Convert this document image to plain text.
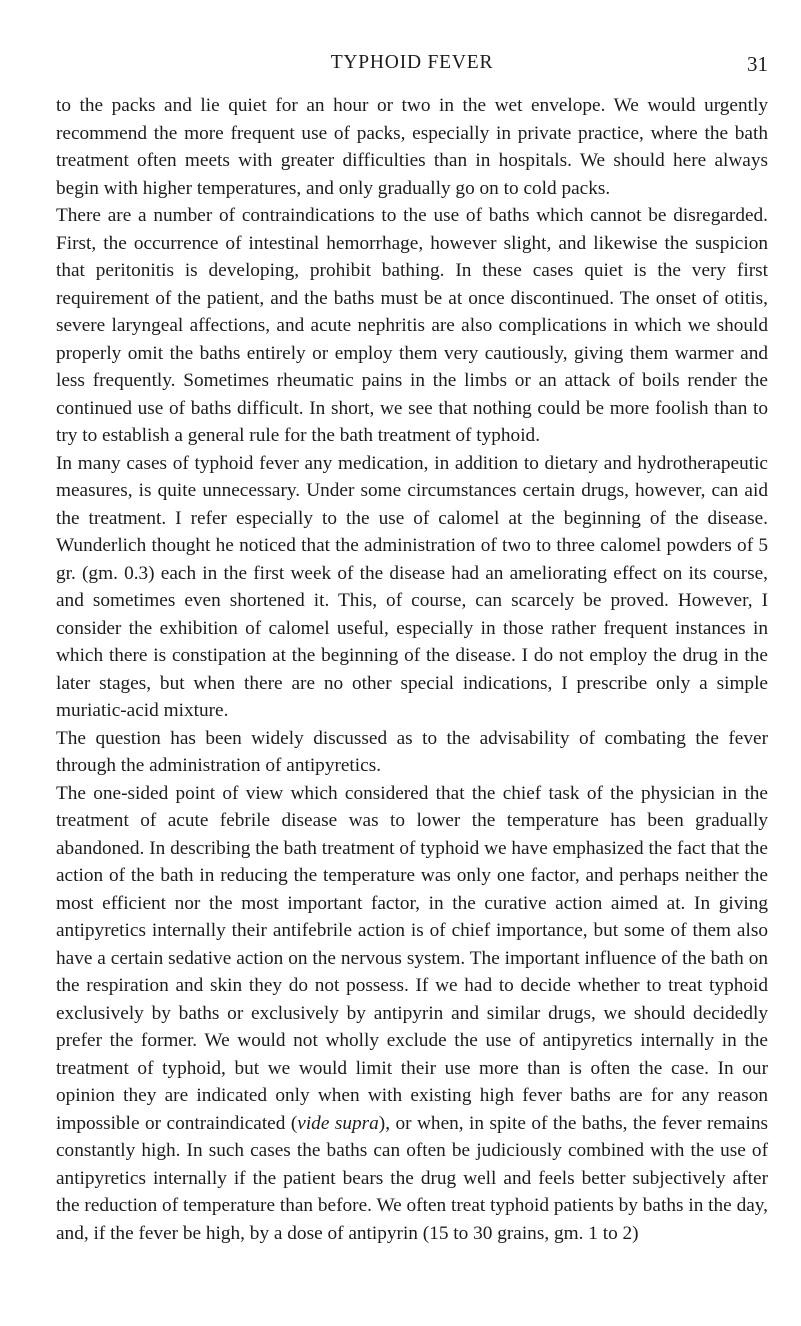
TYPHOID FEVER	31

to the packs and lie quiet for an hour or two in the wet envelope. We would urgently recommend the more frequent use of packs, especially in private practice, where the bath treatment often meets with greater difficulties than in hospitals. We should here always begin with higher temperatures, and only gradually go on to cold packs.

There are a number of contraindications to the use of baths which cannot be disregarded. First, the occurrence of intestinal hemorrhage, however slight, and likewise the suspicion that peritonitis is developing, prohibit bathing. In these cases quiet is the very first requirement of the patient, and the baths must be at once discontinued. The onset of otitis, severe laryngeal affections, and acute nephritis are also complications in which we should properly omit the baths entirely or employ them very cautiously, giving them warmer and less frequently. Sometimes rheumatic pains in the limbs or an attack of boils render the continued use of baths difficult. In short, we see that nothing could be more foolish than to try to establish a general rule for the bath treatment of typhoid.

In many cases of typhoid fever any medication, in addition to dietary and hydrotherapeutic measures, is quite unnecessary. Under some circumstances certain drugs, however, can aid the treatment. I refer especially to the use of calomel at the beginning of the disease. Wunderlich thought he noticed that the administration of two to three calomel powders of 5 gr. (gm. 0.3) each in the first week of the disease had an ameliorating effect on its course, and sometimes even shortened it. This, of course, can scarcely be proved. However, I consider the exhibition of calomel useful, especially in those rather frequent instances in which there is constipation at the beginning of the disease. I do not employ the drug in the later stages, but when there are no other special indications, I prescribe only a simple muriatic-acid mixture.

The question has been widely discussed as to the advisability of combating the fever through the administration of antipyretics.

The one-sided point of view which considered that the chief task of the physician in the treatment of acute febrile disease was to lower the temperature has been gradually abandoned. In describing the bath treatment of typhoid we have emphasized the fact that the action of the bath in reducing the temperature was only one factor, and perhaps neither the most efficient nor the most important factor, in the curative action aimed at. In giving antipyretics internally their antifebrile action is of chief importance, but some of them also have a certain sedative action on the nervous system. The important influence of the bath on the respiration and skin they do not possess. If we had to decide whether to treat typhoid exclusively by baths or exclusively by antipyrin and similar drugs, we should decidedly prefer the former. We would not wholly exclude the use of antipyretics internally in the treatment of typhoid, but we would limit their use more than is often the case. In our opinion they are indicated only when with existing high fever baths are for any reason impossible or contraindicated (vide supra), or when, in spite of the baths, the fever remains constantly high. In such cases the baths can often be judiciously combined with the use of antipyretics internally if the patient bears the drug well and feels better subjectively after the reduction of temperature than before. We often treat typhoid patients by baths in the day, and, if the fever be high, by a dose of antipyrin (15 to 30 grains, gm. 1 to 2)
